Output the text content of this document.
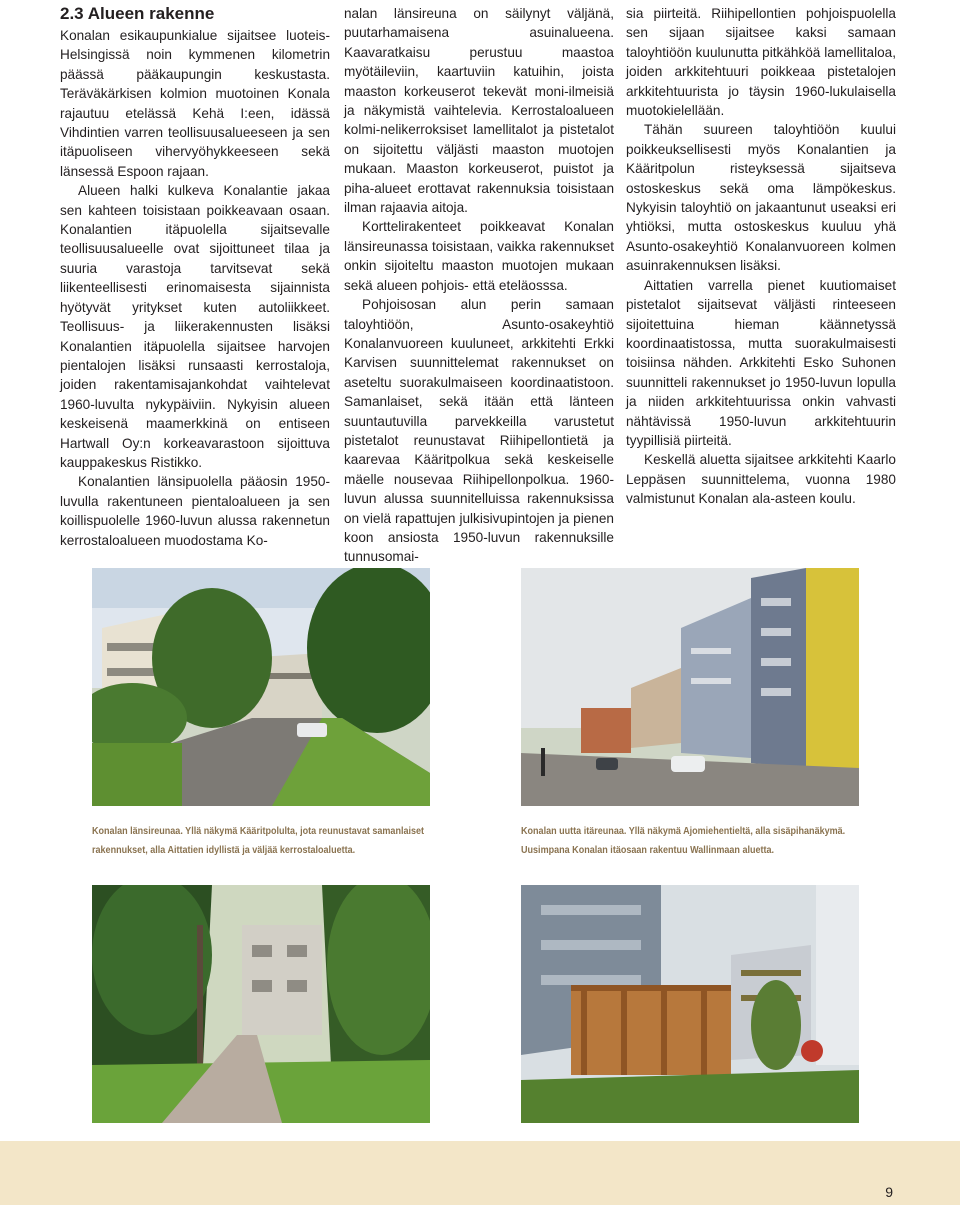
2.3 Alueen rakenne

Konalan esikaupunkialue sijaitsee luoteis-Helsingissä noin kymmenen kilometrin päässä pääkaupungin keskustasta. Teräväkärkisen kolmion muotoinen Konala rajautuu etelässä Kehä I:een, idässä Vihdintien varren teollisuusalueeseen ja sen itäpuoliseen vihervyöhykkeeseen sekä länsessä Espoon rajaan.

Alueen halki kulkeva Konalantie jakaa sen kahteen toisistaan poikkeavaan osaan. Konalantien itäpuolella sijaitsevalle teollisuusalueelle ovat sijoittuneet tilaa ja suuria varastoja tarvitsevat sekä liikenteellisesti erinomaisesta sijainnista hyötyvät yritykset kuten autoliikkeet. Teollisuus- ja liikerakennusten lisäksi Konalantien itäpuolella sijaitsee harvojen pientalojen lisäksi runsaasti kerrostaloja, joiden rakentamisajankohdat vaihtelevat 1960-luvulta nykypäiviin. Nykyisin alueen keskeisenä maamerkkinä on entiseen Hartwall Oy:n korkeavarastoon sijoittuva kauppakeskus Ristikko.

Konalantien länsipuolella pääosin 1950-luvulla rakentuneen pientaloalueen ja sen koillispuolelle 1960-luvun alussa rakennetun kerrostaloalueen muodostama Ko-

nalan länsireuna on säilynyt väljänä, puutarhamaisena asuinalueena. Kaavaratkaisu perustuu maastoa myötäileviin, kaartuviin katuihin, joista maaston korkeuserot tekevät moni-ilmeisiä ja näkymistä vaihtelevia. Kerrostaloalueen kolmi-nelikerroksiset lamellitalot ja pistetalot on sijoitettu väljästi maaston muotojen mukaan. Maaston korkeuserot, puistot ja piha-alueet erottavat rakennuksia toisistaan ilman rajaavia aitoja.

Korttelirakenteet poikkeavat Konalan länsireunassa toisistaan, vaikka rakennukset onkin sijoiteltu maaston muotojen mukaan sekä alueen pohjois- että eteläosssa.

Pohjoisosan alun perin samaan taloyhtiöön, Asunto-osakeyhtiö Konalanvuoreen kuuluneet, arkkitehti Erkki Karvisen suunnittelemat rakennukset on aseteltu suorakulmaiseen koordinaatistoon. Samanlaiset, sekä itään että länteen suuntautuvilla parvekkeilla varustetut pistetalot reunustavat Riihipellontietä ja kaarevaa Kääritpolkua sekä keskeiselle mäelle nousevaa Riihipellonpolkua. 1960-luvun alussa suunnitelluissa rakennuksissa on vielä rapattujen julkisivupintojen ja pienen koon ansiosta 1950-luvun rakennuksille tunnusomai-

sia piirteitä. Riihipellontien pohjoispuolella sen sijaan sijaitsee kaksi samaan taloyhtiöön kuulunutta pitkähköä lamellitaloa, joiden arkkitehtuuri poikkeaa pistetalojen arkkitehtuurista jo täysin 1960-lukulaisella muotokielellään.

Tähän suureen taloyhtiöön kuului poikkeuksellisesti myös Konalantien ja Kääritpolun risteyksessä sijaitseva ostoskeskus sekä oma lämpökeskus. Nykyisin taloyhtiö on jakaantunut useaksi eri yhtiöksi, mutta ostoskeskus kuuluu yhä Asunto-osakeyhtiö Konalanvuoreen kolmen asuinrakennuksen lisäksi.

Aittatien varrella pienet kuutiomaiset pistetalot sijaitsevat väljästi rinteeseen sijoitettuina hieman käännetyssä koordinaatistossa, mutta suorakulmaisesti toisiinsa nähden. Arkkitehti Esko Suhonen suunnitteli rakennukset jo 1950-luvun lopulla ja niiden arkkitehtuurissa onkin vahvasti nähtävissä 1950-luvun arkkitehtuurin tyypillisiä piirteitä.

Keskellä aluetta sijaitsee arkkitehti Kaarlo Leppäsen suunnittelema, vuonna 1980 valmistunut Konalan ala-asteen koulu.

Konalan länsireunaa. Yllä näkymä Kääritpolulta, jota reunustavat samanlaiset rakennukset, alla Aittatien idyllistä ja väljää kerrostaloaluetta.
Konalan uutta itäreunaa. Yllä näkymä Ajomiehentieltä, alla sisäpihanäkymä. Uusimpana Konalan itäosaan rakentuu Wallinmaan aluetta.
9
